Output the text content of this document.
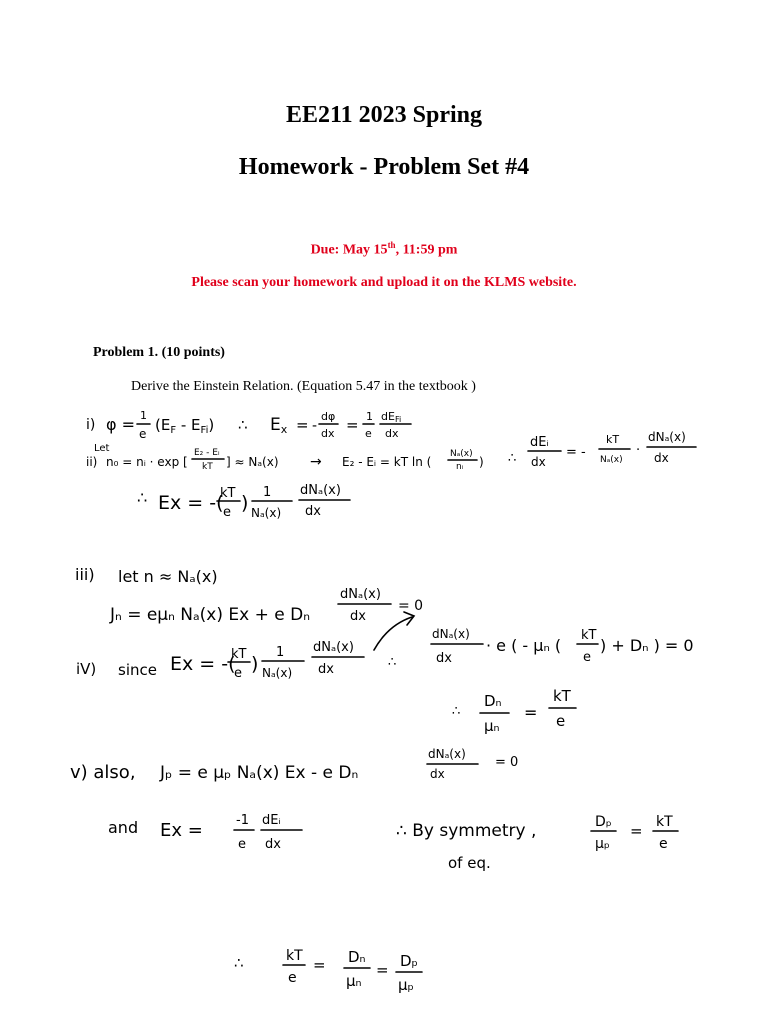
EE211 2023 Spring
Homework - Problem Set #4
Due: May 15th, 11:59 pm
Please scan your homework and upload it on the KLMS website.
Problem 1. (10 points)
Derive the Einstein Relation. (Equation 5.47 in the textbook )
i) φ = 1
e $(E_F - E_{Fi})$ ∴ Ex = -
dφ
dx = 1
e
dEFi
dx
Let
ii) n₀ = nᵢ · exp [
E₂ - Eᵢ
kT ] ≈ Nₐ(x) → E₂ - Eᵢ = kT ln (
Nₐ(x)
nᵢ ) ∴
dEᵢ
dx
= -
kT
Nₐ(x)
·
dNₐ(x)
dx
∴ Ex = -(
kT
e ) 1
Nₐ(x)
dNₐ(x)
dx
iii) let n ≈ Nₐ(x)
Jₙ = eμₙ Nₐ(x) Ex + e Dₙ
dNₐ(x)
dx
= 0
iV) since Ex = -(
kT
e )
1
Nₐ(x)
dNₐ(x)
dx
dNₐ(x)
dx
· e ( - μₙ (
kT
e
) + Dₙ ) = 0
∴
∴
Dₙ
μₙ
=
kT
e
v) also, Jₚ = e μₚ Nₐ(x) Ex - e Dₙ
dNₐ(x)
dx
= 0
and Ex =	-1
e
dEᵢ
dx
∴ By symmetry ,
of eq.
Dₚ
μₚ
= kT
e
∴	kT
e
= Dₙ
μₙ
= Dₚ
μₚ
